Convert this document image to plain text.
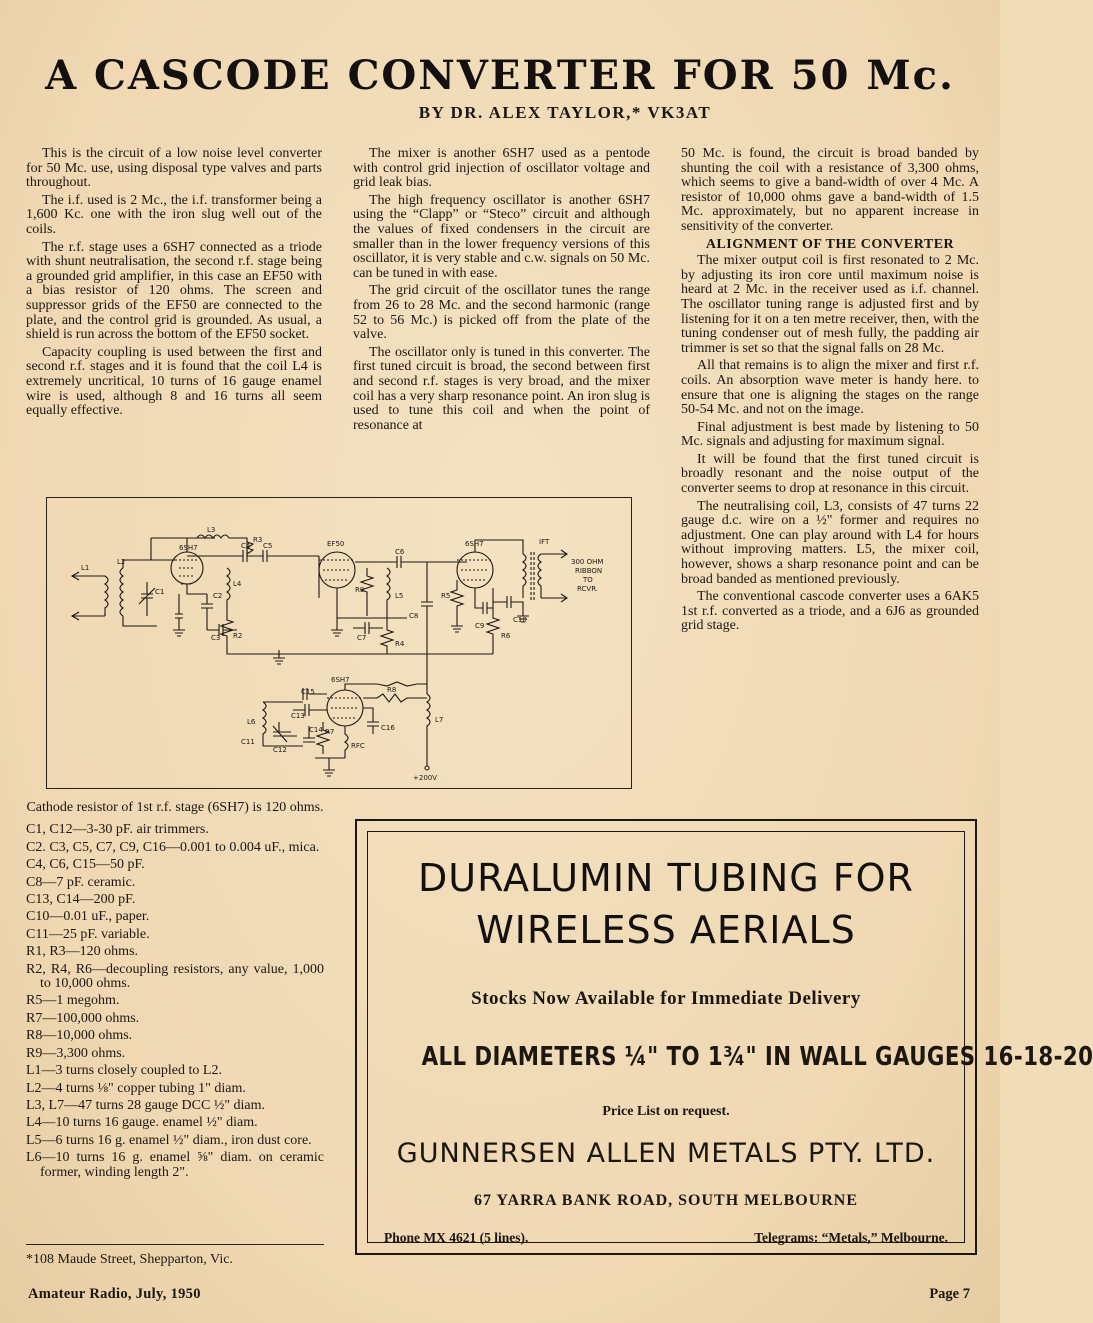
A CASCODE CONVERTER FOR 50 Mc.
BY DR. ALEX TAYLOR,* VK3AT

This is the circuit of a low noise level converter for 50 Mc. use, using disposal type valves and parts throughout.

The i.f. used is 2 Mc., the i.f. transformer being a 1,600 Kc. one with the iron slug well out of the coils.

The r.f. stage uses a 6SH7 connected as a triode with shunt neutralisation, the second r.f. stage being a grounded grid amplifier, in this case an EF50 with a bias resistor of 120 ohms. The screen and suppressor grids of the EF50 are connected to the plate, and the control grid is grounded. As usual, a shield is run across the bottom of the EF50 socket.

Capacity coupling is used between the first and second r.f. stages and it is found that the coil L4 is extremely uncritical, 10 turns of 16 gauge enamel wire is used, although 8 and 16 turns all seem equally effective.

The mixer is another 6SH7 used as a pentode with control grid injection of oscillator voltage and grid leak bias.

The high frequency oscillator is another 6SH7 using the “Clapp” or “Steco” circuit and although the values of fixed condensers in the circuit are smaller than in the lower frequency versions of this oscillator, it is very stable and c.w. signals on 50 Mc. can be tuned in with ease.

The grid circuit of the oscillator tunes the range from 26 to 28 Mc. and the second harmonic (range 52 to 56 Mc.) is picked off from the plate of the valve.

The oscillator only is tuned in this converter. The first tuned circuit is broad, the second between first and second r.f. stages is very broad, and the mixer coil has a very sharp resonance point. An iron slug is used to tune this coil and when the point of resonance at

50 Mc. is found, the circuit is broad banded by shunting the coil with a resistance of 3,300 ohms, which seems to give a band-width of over 4 Mc. A resistor of 10,000 ohms gave a band-width of 1.5 Mc. approximately, but no apparent increase in sensitivity of the converter.

ALIGNMENT OF THE CONVERTER

The mixer output coil is first resonated to 2 Mc. by adjusting its iron core until maximum noise is heard at 2 Mc. in the receiver used as i.f. channel. The oscillator tuning range is adjusted first and by listening for it on a ten metre receiver, then, with the tuning condenser out of mesh fully, the padding air trimmer is set so that the signal falls on 28 Mc.

All that remains is to align the mixer and first r.f. coils. An absorption wave meter is handy here. to ensure that one is aligning the stages on the range 50-54 Mc. and not on the image.

Final adjustment is best made by listening to 50 Mc. signals and adjusting for maximum signal.

It will be found that the first tuned circuit is broadly resonant and the noise output of the converter seems to drop at resonance in this circuit.

The neutralising coil, L3, consists of 47 turns 22 gauge d.c. wire on a ½" former and requires no adjustment. One can play around with L4 for hours without improving matters. L5, the mixer coil, however, shows a sharp resonance point and can be broad banded as mentioned previously.

The conventional cascode converter uses a 6AK5 1st r.f. converted as a triode, and a 6J6 as grounded grid stage.

L1
L2
C1
6SH7
L3
R3
C4 C5
L4
C2
C3 R2
EF50
R9
L5
C6
C7
R4
C8
6SH7
R5
C9
R6
C10
IFT
300 OHM
RIBBON
TO
RCVR.
6SH7
C15	R8
L6
C13
C14 R7
RFC
C16
C11
C12
L7
+200V
Cathode resistor of 1st r.f. stage (6SH7) is 120 ohms.
C1, C12—3-30 pF. air trimmers.
C2. C3, C5, C7, C9, C16—0.001 to 0.004 uF., mica.
C4, C6, C15—50 pF.
C8—7 pF. ceramic.
C13, C14—200 pF.
C10—0.01 uF., paper.
C11—25 pF. variable.
R1, R3—120 ohms.
R2, R4, R6—decoupling resistors, any value, 1,000 to 10,000 ohms.
R5—1 megohm.
R7—100,000 ohms.
R8—10,000 ohms.
R9—3,300 ohms.
L1—3 turns closely coupled to L2.
L2—4 turns ⅛" copper tubing 1" diam.
L3, L7—47 turns 28 gauge DCC ½" diam.
L4—10 turns 16 gauge. enamel ½" diam.
L5—6 turns 16 g. enamel ½" diam., iron dust core.
L6—10 turns 16 g. enamel ⅝" diam. on ceramic former, winding length 2".
*108 Maude Street, Shepparton, Vic.
DURALUMIN TUBING FOR
WIRELESS AERIALS
Stocks Now Available for Immediate Delivery
ALL DIAMETERS ¼" TO 1¾" IN WALL GAUGES 16-18-20
Price List on request.
GUNNERSEN ALLEN METALS PTY. LTD.
67 YARRA BANK ROAD, SOUTH MELBOURNE
Phone MX 4621 (5 lines).	Telegrams: “Metals,” Melbourne.
Amateur Radio, July, 1950	Page 7
